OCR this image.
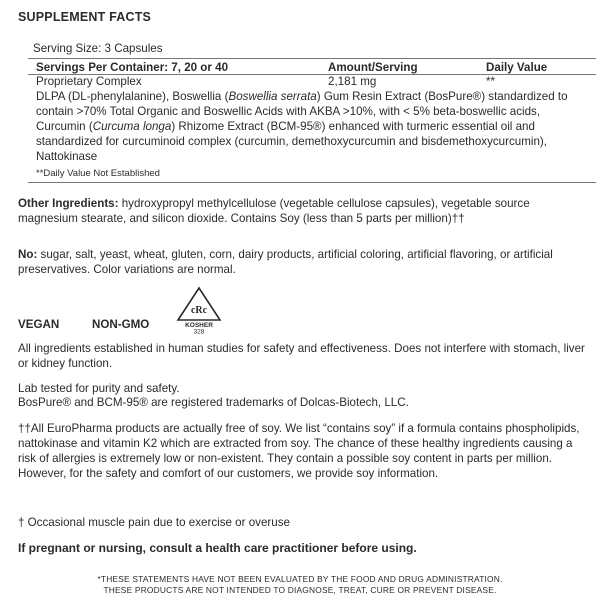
SUPPLEMENT FACTS
Serving Size: 3 Capsules
Servings Per Container: 7, 20 or 40	Amount/Serving	Daily Value
Proprietary Complex	2,181 mg	**
DLPA (DL-phenylalanine), Boswellia (Boswellia serrata) Gum Resin Extract (BosPure®) standardized to contain >70% Total Organic and Boswellic Acids with AKBA >10%, with < 5% beta-boswellic acids, Curcumin (Curcuma longa) Rhizome Extract (BCM-95®) enhanced with turmeric essential oil and standardized for curcuminoid complex (curcumin, demethoxycurcumin and bisdemethoxycurcumin), Nattokinase
**Daily Value Not Established
Other Ingredients: hydroxypropyl methylcellulose (vegetable cellulose capsules), vegetable source magnesium stearate, and silicon dioxide. Contains Soy (less than 5 parts per million)††
No: sugar, salt, yeast, wheat, gluten, corn, dairy products, artificial coloring, artificial flavoring, or artificial preservatives. Color variations are normal.
VEGAN	NON-GMO
cRc
KOSHER
328
All ingredients established in human studies for safety and effectiveness. Does not interfere with stomach, liver or kidney function.
Lab tested for purity and safety.
BosPure® and BCM-95® are registered trademarks of Dolcas-Biotech, LLC.
††All EuroPharma products are actually free of soy. We list “contains soy” if a formula contains phospholipids, nattokinase and vitamin K2 which are extracted from soy. The chance of these healthy ingredients causing a risk of allergies is extremely low or non-existent. They contain a possible soy content in parts per million. However, for the safety and comfort of our customers, we provide soy information.
† Occasional muscle pain due to exercise or overuse
If pregnant or nursing, consult a health care practitioner before using.
*THESE STATEMENTS HAVE NOT BEEN EVALUATED BY THE FOOD AND DRUG ADMINISTRATION.
THESE PRODUCTS ARE NOT INTENDED TO DIAGNOSE, TREAT, CURE OR PREVENT DISEASE.
